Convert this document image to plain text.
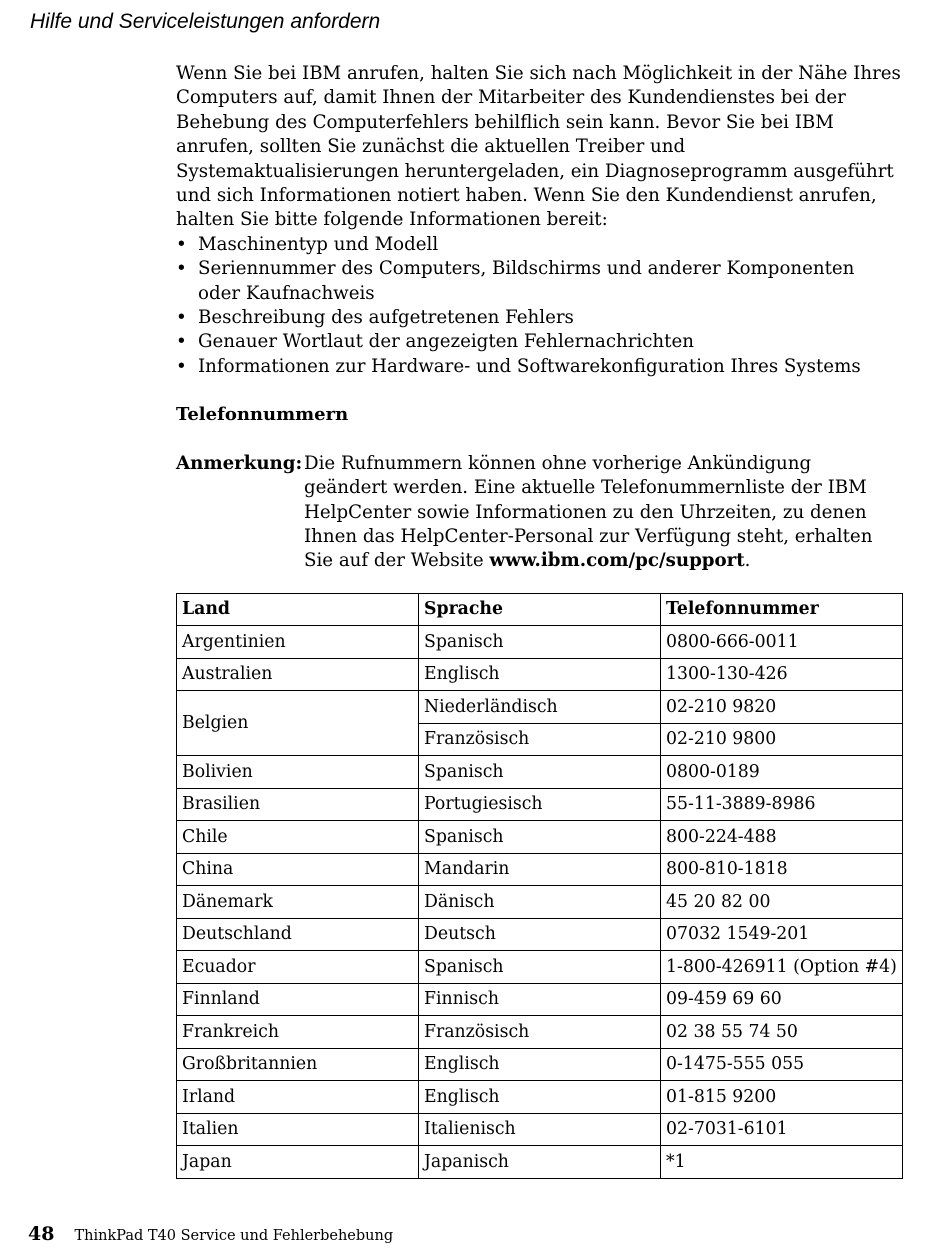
Hilfe und Serviceleistungen anfordern

Wenn Sie bei IBM anrufen, halten Sie sich nach Möglichkeit in der Nähe Ihres Computers auf, damit Ihnen der Mitarbeiter des Kundendienstes bei der Behebung des Computerfehlers behilflich sein kann. Bevor Sie bei IBM anrufen, sollten Sie zunächst die aktuellen Treiber und Systemaktualisierungen heruntergeladen, ein Diagnoseprogramm ausgeführt und sich Informationen notiert haben. Wenn Sie den Kundendienst anrufen, halten Sie bitte folgende Informationen bereit:

• Maschinentyp und Modell
• Seriennummer des Computers, Bildschirms und anderer Komponenten oder Kaufnachweis
• Beschreibung des aufgetretenen Fehlers
• Genauer Wortlaut der angezeigten Fehlernachrichten
• Informationen zur Hardware- und Softwarekonfiguration Ihres Systems
Telefonnummern
Anmerkung: Die Rufnummern können ohne vorherige Ankündigung geändert werden. Eine aktuelle Telefonummernliste der IBM HelpCenter sowie Informationen zu den Uhrzeiten, zu denen Ihnen das HelpCenter-Personal zur Verfügung steht, erhalten Sie auf der Website www.ibm.com/pc/support.
Land	Sprache	Telefonnummer
Argentinien	Spanisch	0800-666-0011
Australien	Englisch	1300-130-426
Belgien	Niederländisch	02-210 9820
	Französisch	02-210 9800
Bolivien	Spanisch	0800-0189
Brasilien	Portugiesisch	55-11-3889-8986
Chile	Spanisch	800-224-488
China	Mandarin	800-810-1818
Dänemark	Dänisch	45 20 82 00
Deutschland	Deutsch	07032 1549-201
Ecuador	Spanisch	1-800-426911 (Option #4)
Finnland	Finnisch	09-459 69 60
Frankreich	Französisch	02 38 55 74 50
Großbritannien	Englisch	0-1475-555 055
Irland	Englisch	01-815 9200
Italien	Italienisch	02-7031-6101
Japan	Japanisch	*1
48 ThinkPad T40 Service und Fehlerbehebung
